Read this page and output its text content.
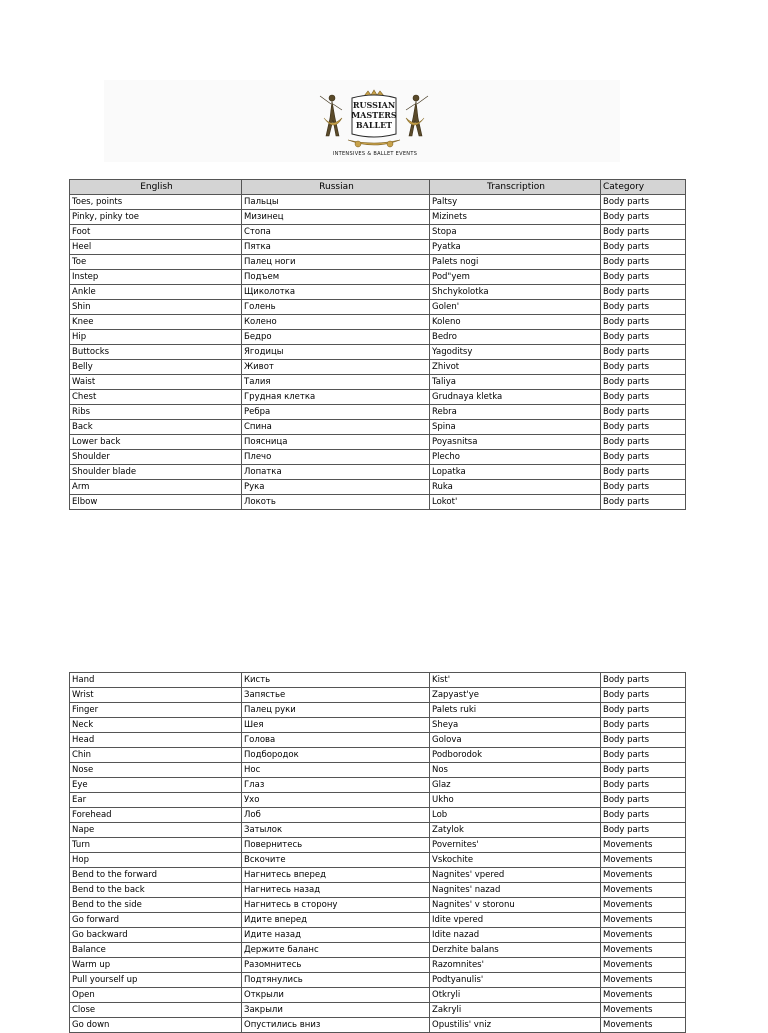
RUSSIAN
MASTERS
BALLET
INTENSIVES & BALLET EVENTS
English	Russian	Transcription	Category
Toes, points	Пальцы	Paltsy	Body parts
Pinky, pinky toe	Мизинец	Mizinets	Body parts
Foot	Стопа	Stopa	Body parts
Heel	Пятка	Pyatka	Body parts
Toe	Палец ноги	Palets nogi	Body parts
Instep	Подъем	Pod"yem	Body parts
Ankle	Щиколотка	Shchykolotka	Body parts
Shin	Голень	Golen'	Body parts
Knee	Колено	Koleno	Body parts
Hip	Бедро	Bedro	Body parts
Buttocks	Ягодицы	Yagoditsy	Body parts
Belly	Живот	Zhivot	Body parts
Waist	Талия	Taliya	Body parts
Chest	Грудная клетка	Grudnaya kletka	Body parts
Ribs	Ребра	Rebra	Body parts
Back	Спина	Spina	Body parts
Lower back	Поясница	Poyasnitsa	Body parts
Shoulder	Плечо	Plecho	Body parts
Shoulder blade	Лопатка	Lopatka	Body parts
Arm	Рука	Ruka	Body parts
Elbow	Локоть	Lokot'	Body parts
Hand	Кисть	Kist'	Body parts
Wrist	Запястье	Zapyast'ye	Body parts
Finger	Палец руки	Palets ruki	Body parts
Neck	Шея	Sheya	Body parts
Head	Голова	Golova	Body parts
Chin	Подбородок	Podborodok	Body parts
Nose	Нос	Nos	Body parts
Eye	Глаз	Glaz	Body parts
Ear	Ухо	Ukho	Body parts
Forehead	Лоб	Lob	Body parts
Nape	Затылок	Zatylok	Body parts
Turn	Повернитесь	Povernites'	Movements
Hop	Вскочите	Vskochite	Movements
Bend to the forward	Нагнитесь вперед	Nagnites' vpered	Movements
Bend to the back	Нагнитесь назад	Nagnites' nazad	Movements
Bend to the side	Нагнитесь в сторону	Nagnites' v storonu	Movements
Go forward	Идите вперед	Idite vpered	Movements
Go backward	Идите назад	Idite nazad	Movements
Balance	Держите баланс	Derzhite balans	Movements
Warm up	Разомнитесь	Razomnites'	Movements
Pull yourself up	Подтянулись	Podtyanulis'	Movements
Open	Открыли	Otkryli	Movements
Close	Закрыли	Zakryli	Movements
Go down	Опустились вниз	Opustilis' vniz	Movements
